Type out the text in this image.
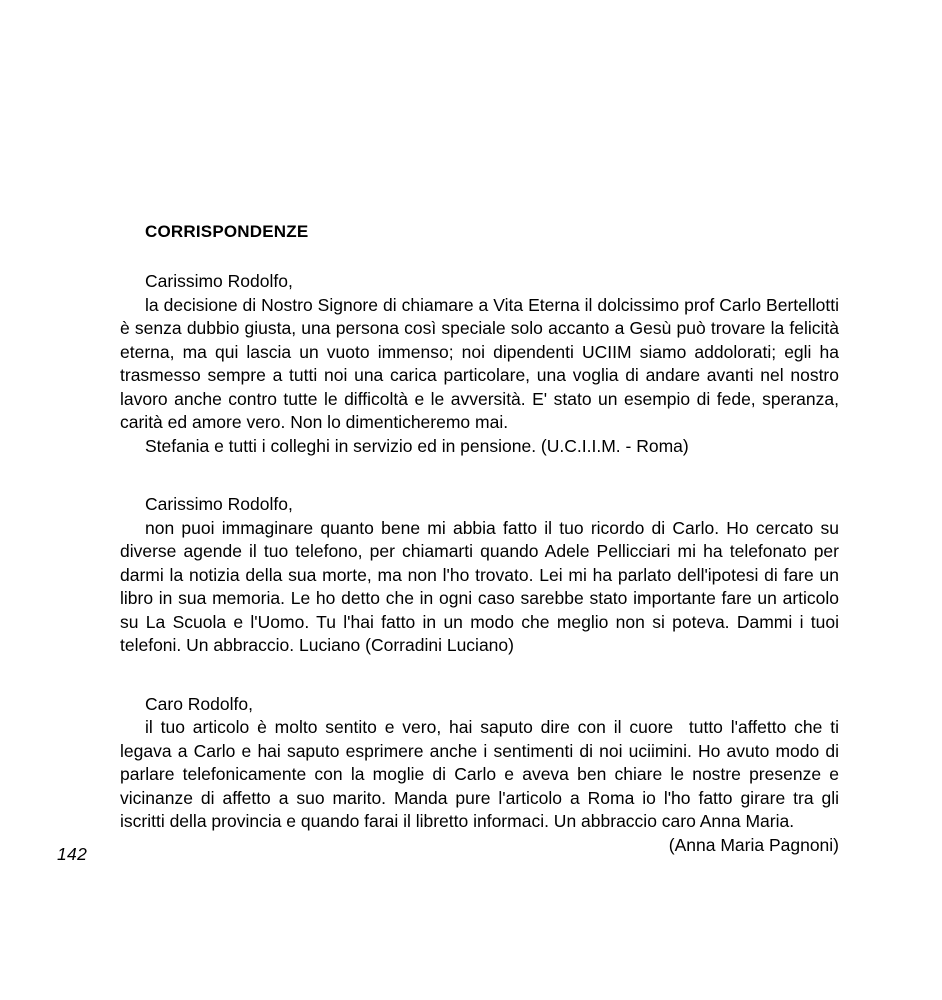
CORRISPONDENZE

Carissimo Rodolfo,

la decisione di Nostro Signore di chiamare a Vita Eterna il dolcissimo prof Carlo Bertellotti è senza dubbio giusta, una persona così speciale solo accanto a Gesù può trovare la felicità eterna, ma qui lascia un vuoto immenso; noi dipendenti UCIIM siamo addolorati; egli ha trasmesso sempre a tutti noi una carica particolare, una voglia di andare avanti nel nostro lavoro anche contro tutte le difficoltà e le avversità. E' stato un esempio di fede, speranza, carità ed amore vero. Non lo dimenticheremo mai.

Stefania e tutti i colleghi in servizio ed in pensione. (U.C.I.I.M. - Roma)

Carissimo Rodolfo,

non puoi immaginare quanto bene mi abbia fatto il tuo ricordo di Carlo. Ho cercato su diverse agende il tuo telefono, per chiamarti quando Adele Pellicciari mi ha telefonato per darmi la notizia della sua morte, ma non l'ho trovato. Lei mi ha parlato dell'ipotesi di fare un libro in sua memoria. Le ho detto che in ogni caso sarebbe stato importante fare un articolo su La Scuola e l'Uomo. Tu l'hai fatto in un modo che meglio non si poteva. Dammi i tuoi telefoni. Un abbraccio. Luciano (Corradini Luciano)

Caro Rodolfo,

il tuo articolo è molto sentito e vero, hai saputo dire con il cuore  tutto l'affetto che ti legava a Carlo e hai saputo esprimere anche i sentimenti di noi uciimini. Ho avuto modo di parlare telefonicamente con la moglie di Carlo e aveva ben chiare le nostre presenze e vicinanze di affetto a suo marito. Manda pure l'articolo a Roma io l'ho fatto girare tra gli iscritti della provincia e quando farai il libretto informaci. Un abbraccio caro Anna Maria.

(Anna Maria Pagnoni)

142
